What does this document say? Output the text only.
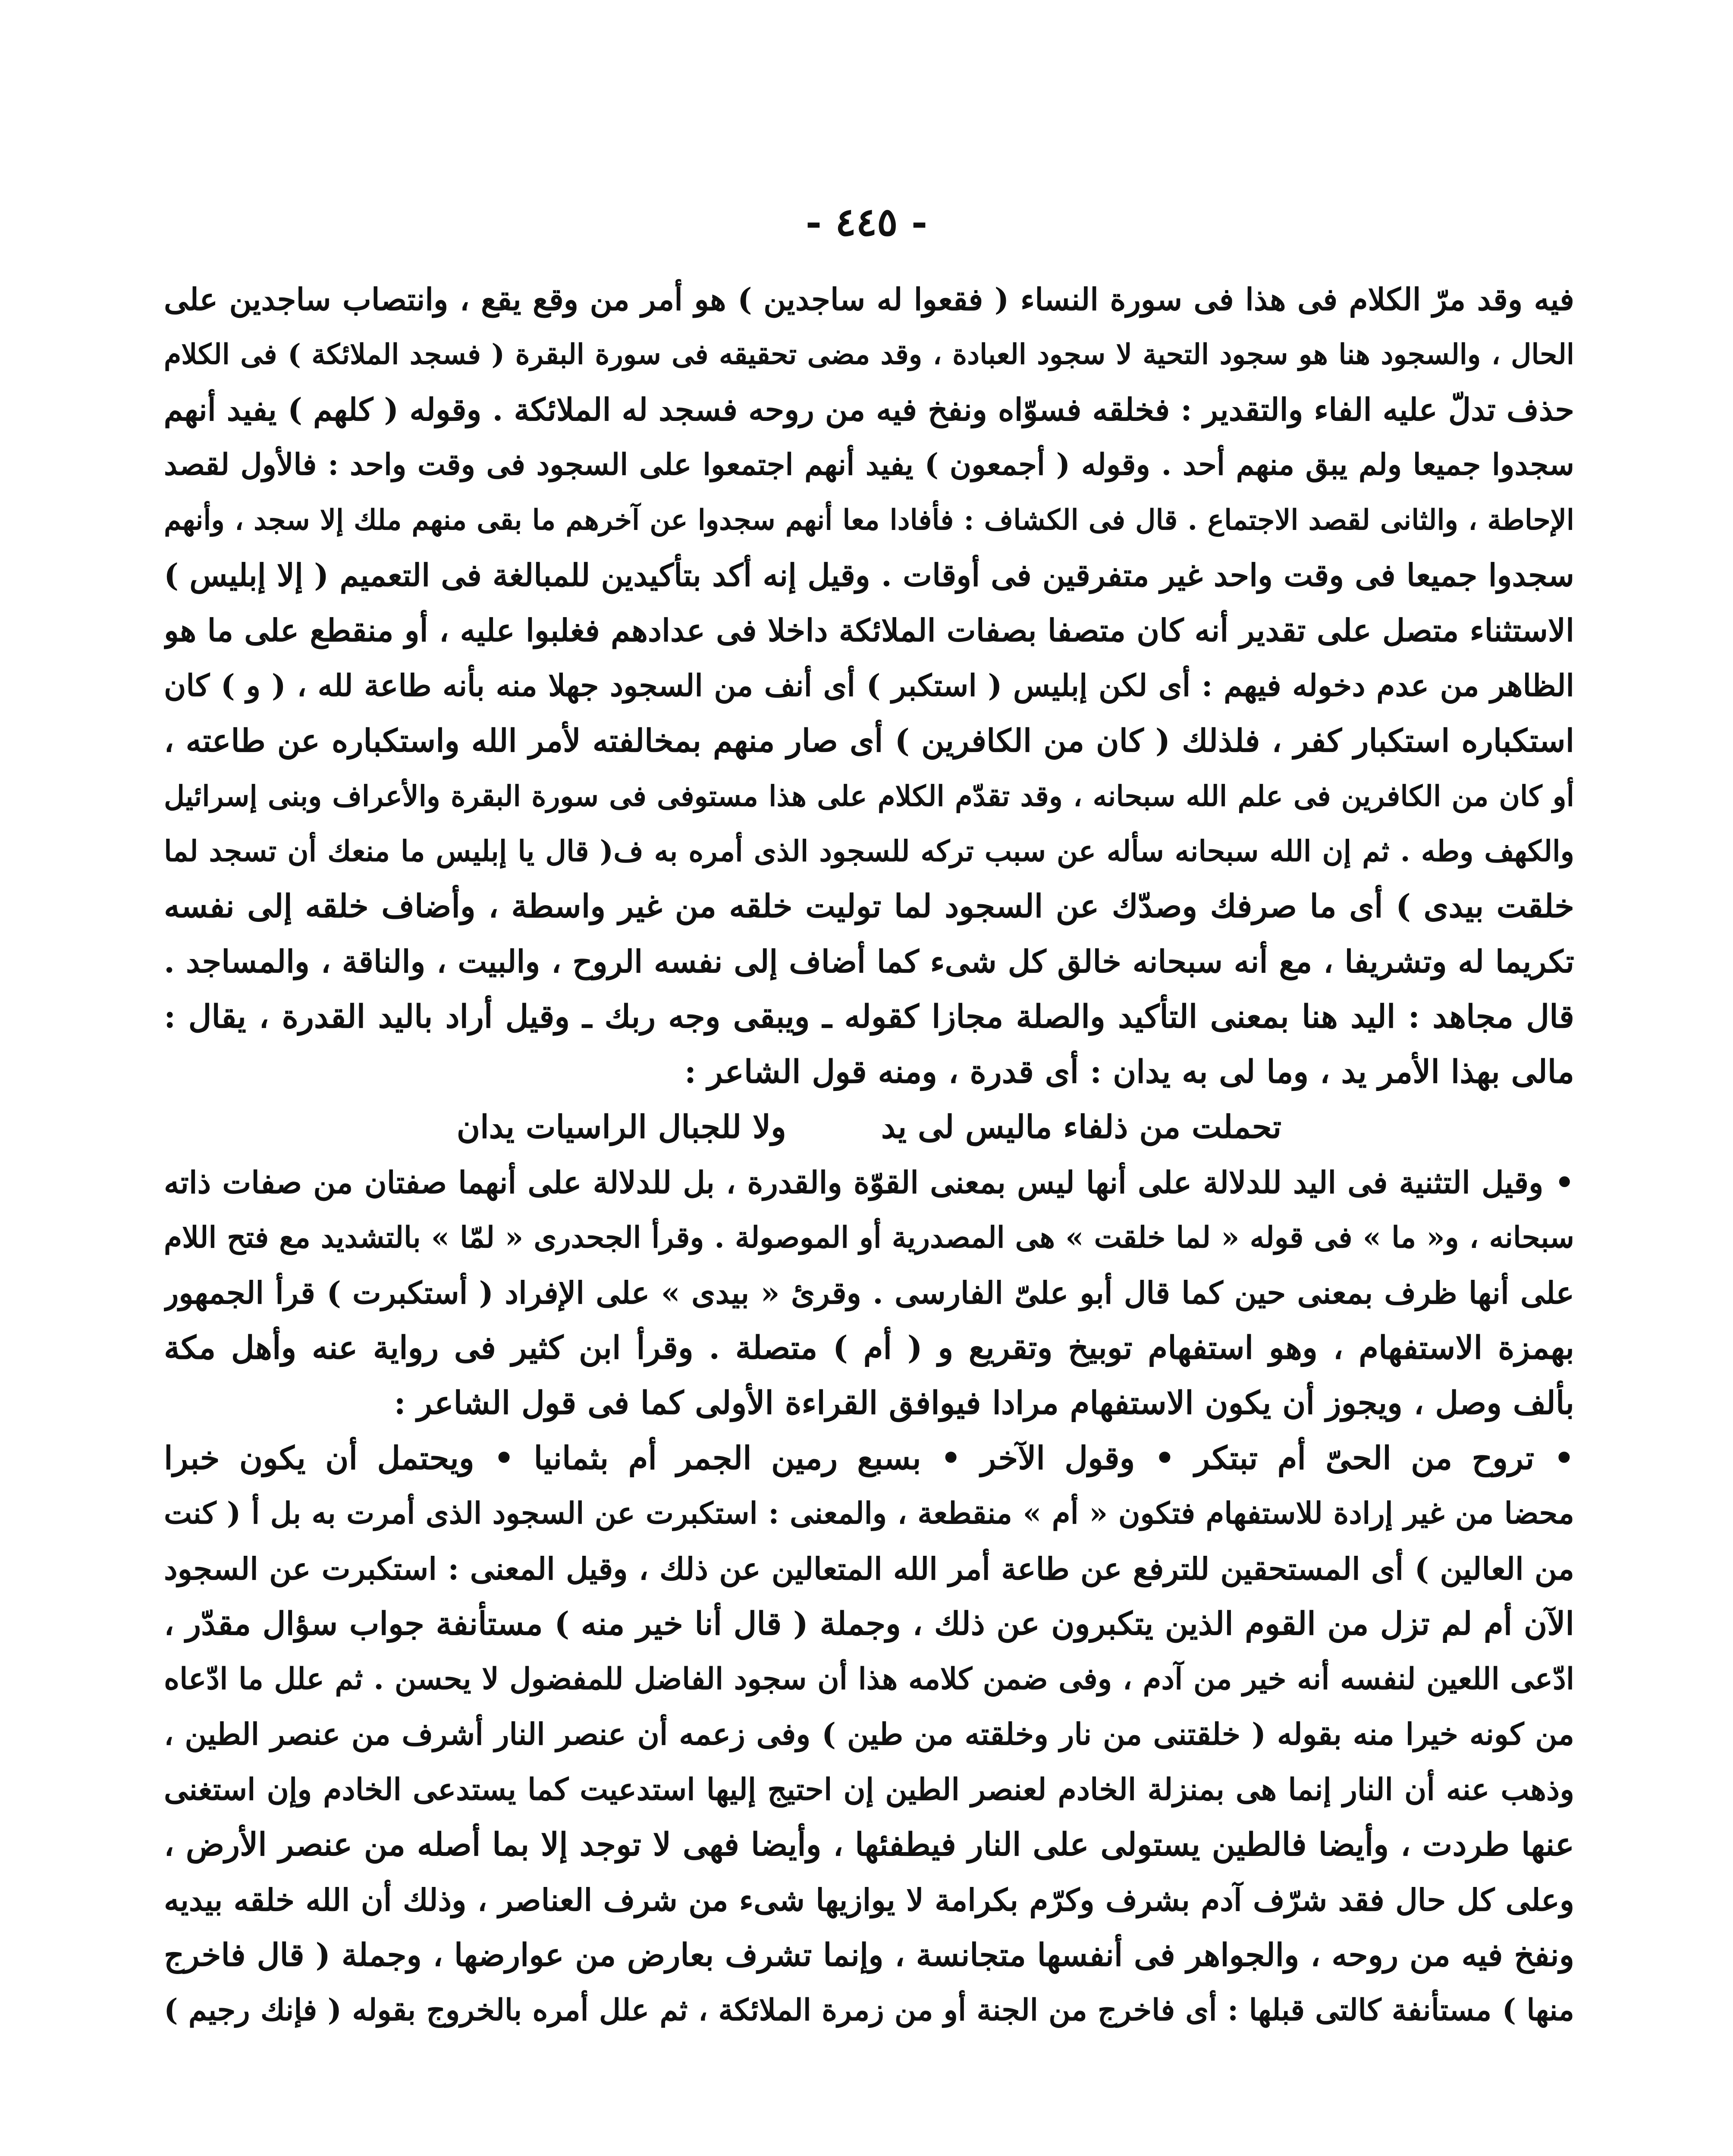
- ٤٤٥ -
فيه وقد مرّ الكلام فى هذا فى سورة النساء ( فقعوا له ساجدين ) هو أمر من وقع يقع ، وانتصاب ساجدين على
الحال ، والسجود هنا هو سجود التحية لا سجود العبادة ، وقد مضى تحقيقه فى سورة البقرة ( فسجد الملائكة ) فى الكلام
حذف تدلّ عليه الفاء والتقدير : فخلقه فسوّاه ونفخ فيه من روحه فسجد له الملائكة . وقوله ( كلهم ) يفيد أنهم
سجدوا جميعا ولم يبق منهم أحد . وقوله ( أجمعون ) يفيد أنهم اجتمعوا على السجود فى وقت واحد : فالأول لقصد
الإحاطة ، والثانى لقصد الاجتماع . قال فى الكشاف : فأفادا معا أنهم سجدوا عن آخرهم ما بقى منهم ملك إلا سجد ، وأنهم
سجدوا جميعا فى وقت واحد غير متفرقين فى أوقات . وقيل إنه أكد بتأكيدين للمبالغة فى التعميم ( إلا إبليس )
الاستثناء متصل على تقدير أنه كان متصفا بصفات الملائكة داخلا فى عدادهم فغلبوا عليه ، أو منقطع على ما هو
الظاهر من عدم دخوله فيهم : أى لكن إبليس ( استكبر ) أى أنف من السجود جهلا منه بأنه طاعة لله ، ( و ) كان
استكباره استكبار كفر ، فلذلك ( كان من الكافرين ) أى صار منهم بمخالفته لأمر الله واستكباره عن طاعته ،
أو كان من الكافرين فى علم الله سبحانه ، وقد تقدّم الكلام على هذا مستوفى فى سورة البقرة والأعراف وبنى إسرائيل
والكهف وطه . ثم إن الله سبحانه سأله عن سبب تركه للسجود الذى أمره به ف( قال يا إبليس ما منعك أن تسجد لما
خلقت بيدى ) أى ما صرفك وصدّك عن السجود لما توليت خلقه من غير واسطة ، وأضاف خلقه إلى نفسه
تكريما له وتشريفا ، مع أنه سبحانه خالق كل شىء كما أضاف إلى نفسه الروح ، والبيت ، والناقة ، والمساجد .
قال مجاهد : اليد هنا بمعنى التأكيد والصلة مجازا كقوله ـ ويبقى وجه ربك ـ وقيل أراد باليد القدرة ، يقال :
مالى بهذا الأمر يد ، وما لى به يدان : أى قدرة ، ومنه قول الشاعر :
تحملت من ذلفاء ماليس لى يد
ولا للجبال الراسيات يدان
• وقيل التثنية فى اليد للدلالة على أنها ليس بمعنى القوّة والقدرة ، بل للدلالة على أنهما صفتان من صفات ذاته
سبحانه ، و« ما » فى قوله « لما خلقت » هى المصدرية أو الموصولة . وقرأ الجحدرى « لمّا » بالتشديد مع فتح اللام
على أنها ظرف بمعنى حين كما قال أبو علىّ الفارسى . وقرئ « بيدى » على الإفراد ( أستكبرت ) قرأ الجمهور
بهمزة الاستفهام ، وهو استفهام توبيخ وتقريع و ( أم ) متصلة . وقرأ ابن كثير فى رواية عنه وأهل مكة
بألف وصل ، ويجوز أن يكون الاستفهام مرادا فيوافق القراءة الأولى كما فى قول الشاعر :
• تروح من الحىّ أم تبتكر • وقول الآخر • بسبع رمين الجمر أم بثمانيا • ويحتمل أن يكون خبرا
محضا من غير إرادة للاستفهام فتكون « أم » منقطعة ، والمعنى : استكبرت عن السجود الذى أمرت به بل أ ( كنت
من العالين ) أى المستحقين للترفع عن طاعة أمر الله المتعالين عن ذلك ، وقيل المعنى : استكبرت عن السجود
الآن أم لم تزل من القوم الذين يتكبرون عن ذلك ، وجملة ( قال أنا خير منه ) مستأنفة جواب سؤال مقدّر ،
ادّعى اللعين لنفسه أنه خير من آدم ، وفى ضمن كلامه هذا أن سجود الفاضل للمفضول لا يحسن . ثم علل ما ادّعاه
من كونه خيرا منه بقوله ( خلقتنى من نار وخلقته من طين ) وفى زعمه أن عنصر النار أشرف من عنصر الطين ،
وذهب عنه أن النار إنما هى بمنزلة الخادم لعنصر الطين إن احتيج إليها استدعيت كما يستدعى الخادم وإن استغنى
عنها طردت ، وأيضا فالطين يستولى على النار فيطفئها ، وأيضا فهى لا توجد إلا بما أصله من عنصر الأرض ،
وعلى كل حال فقد شرّف آدم بشرف وكرّم بكرامة لا يوازيها شىء من شرف العناصر ، وذلك أن الله خلقه بيديه
ونفخ فيه من روحه ، والجواهر فى أنفسها متجانسة ، وإنما تشرف بعارض من عوارضها ، وجملة ( قال فاخرج
منها ) مستأنفة كالتى قبلها : أى فاخرج من الجنة أو من زمرة الملائكة ، ثم علل أمره بالخروج بقوله ( فإنك رجيم )
